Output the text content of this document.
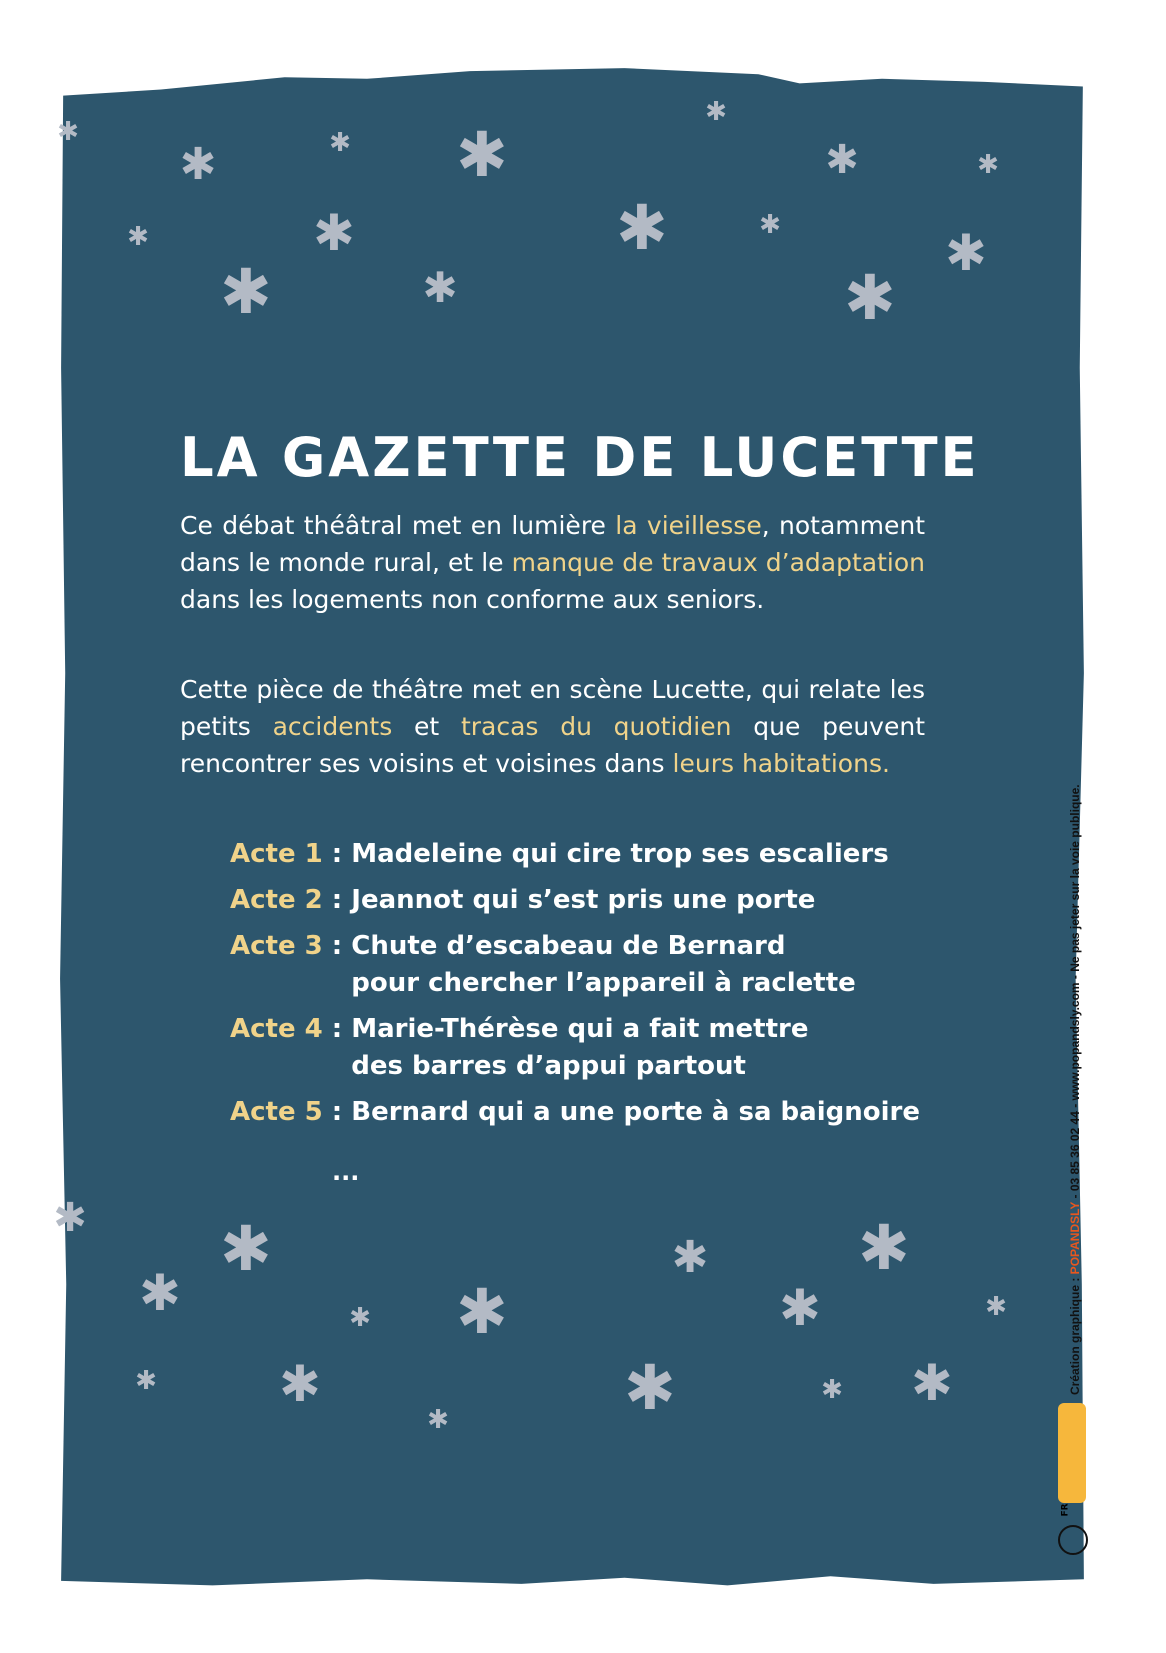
✱
✱	✱ ✱
✱
✱	✱
✱	✱	✱	✱	✱
✱	✱	✱
✱ ✱
✱	✱ ✱
✱
✱
✱
✱
✱ ✱	✱	✱ ✱
✱
LA GAZETTE DE LUCETTE

Ce débat théâtral met en lumière la vieillesse, notamment dans le monde rural, et le manque de travaux d’adaptation dans les logements non conforme aux seniors.

Cette pièce de théâtre met en scène Lucette, qui relate les petits accidents et tracas du quotidien que peuvent rencontrer ses voisins et voisines dans leurs habitations.

Acte 1 : Madeleine qui cire trop ses escaliers
Acte 2 : Jeannot qui s’est pris une porte
Acte 3 : Chute d’escabeau de Bernard
pour chercher l’appareil à raclette
Acte 4 : Marie-Thérèse qui a fait mettre
des barres d’appui partout
Acte 5 : Bernard qui a une porte à sa baignoire
...
Création graphique : POPANDSLY - 03 85 36 02 44 - www.popandsly.com - Ne pas jeter sur la voie publique.
FR
